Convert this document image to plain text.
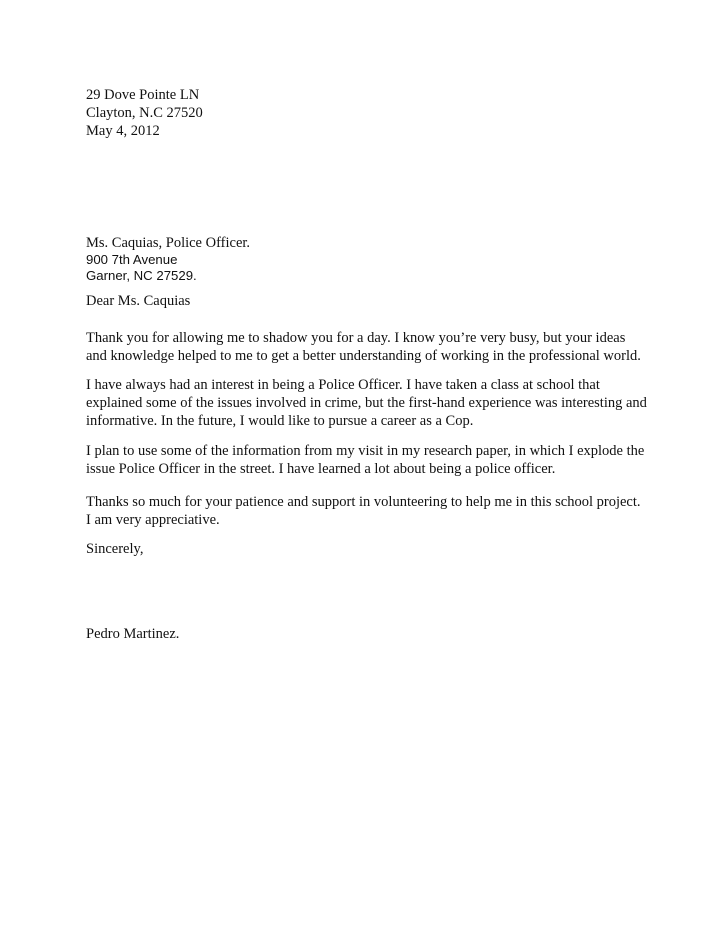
29 Dove Pointe LN
Clayton, N.C 27520
May 4, 2012
Ms. Caquias, Police Officer.
900 7th Avenue
Garner, NC 27529.
Dear Ms. Caquias
Thank you for allowing me to shadow you for a day. I know you’re very busy, but your ideas
and knowledge helped to me to get a better understanding of working in the professional world.
I have always had an interest in being a Police Officer. I have taken a class at school that
explained some of the issues involved in crime, but the first-hand experience was interesting and
informative. In the future, I would like to pursue a career as a Cop.
I plan to use some of the information from my visit in my research paper, in which I explode the
issue Police Officer in the street. I have learned a lot about being a police officer.
Thanks so much for your patience and support in volunteering to help me in this school project.
I am very appreciative.
Sincerely,
Pedro Martinez.
